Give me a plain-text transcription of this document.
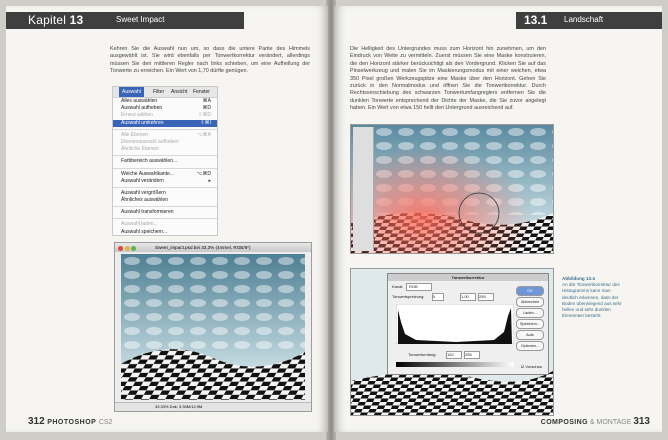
Kapitel 13	Sweet Impact
Kehren Sie die Auswahl nun um, so dass die untere Partie des Himmels ausgewählt ist. Sie wird ebenfalls per Tonwertkorrektur verändert, allerdings müssen Sie den mittleren Regler nach links schieben, um eine Aufhellung der Tonwerte zu erreichen. Ein Wert von 1,70 dürfte genügen.
Auswahl	Filter Ansicht Fenster
Alles auswählen	⌘A
Auswahl aufheben	⌘D
Erneut wählen	⇧⌘D
Auswahl umkehren	⇧⌘I
Alle Ebenen	⌥⌘A
Ebenenauswahl aufheben
Ähnliche Ebenen
Farbbereich auswählen...
Weiche Auswahlkante...	⌥⌘D
Auswahl verändern	▸
Auswahl vergrößern
Ähnliches auswählen
Auswahl transformieren
Auswahl laden...
Auswahl speichern...
Sweet_impact.psd bei 33,3% (4mmel, RGB/8*)
33,33% Dok: 3,30M/12,9M
312 PHOTOSHOP CS2
13.1 Landschaft
Die Helligkeit des Untergrundes muss zum Horizont hin zunehmen, um den Eindruck von Weite zu vermitteln. Zuerst müssen Sie eine Maske konstruieren, die den Horizont stärker berücksichtigt als den Vordergrund. Klicken Sie auf das Pinselwerkzeug und malen Sie im Maskierungsmodus mit einer weichen, etwa 350 Pixel großen Werkzeugspitze eine Maske über den Horizont. Gehen Sie zurück in den Normalmodus und öffnen Sie die Tonwertkorrektur. Durch Rechtsverschiebung des schwarzen Tonwertumfangreglers entfernen Sie die dunklen Tonwerte entsprechend der Dichte der Maske, die Sie zuvor angelegt haben. Ein Wert von etwa 150 hellt den Untergrund ausreichend auf.
Tonwertkorrektur
Kanal:	RGB
Tonwertspreizung: 0	1,00	255
Tonwertumfang:	152	255
OK
Abbrechen
Laden...
Speichern...
Auto
Optionen...
☑ Vorschau
Abbildung 13.4
An der Tonwertkorrektur des Histogramms kann man deutlich erkennen, dass der Boden überwiegend aus sehr hellen und sehr dunklen Elementen besteht.
COMPOSING & MONTAGE 313
